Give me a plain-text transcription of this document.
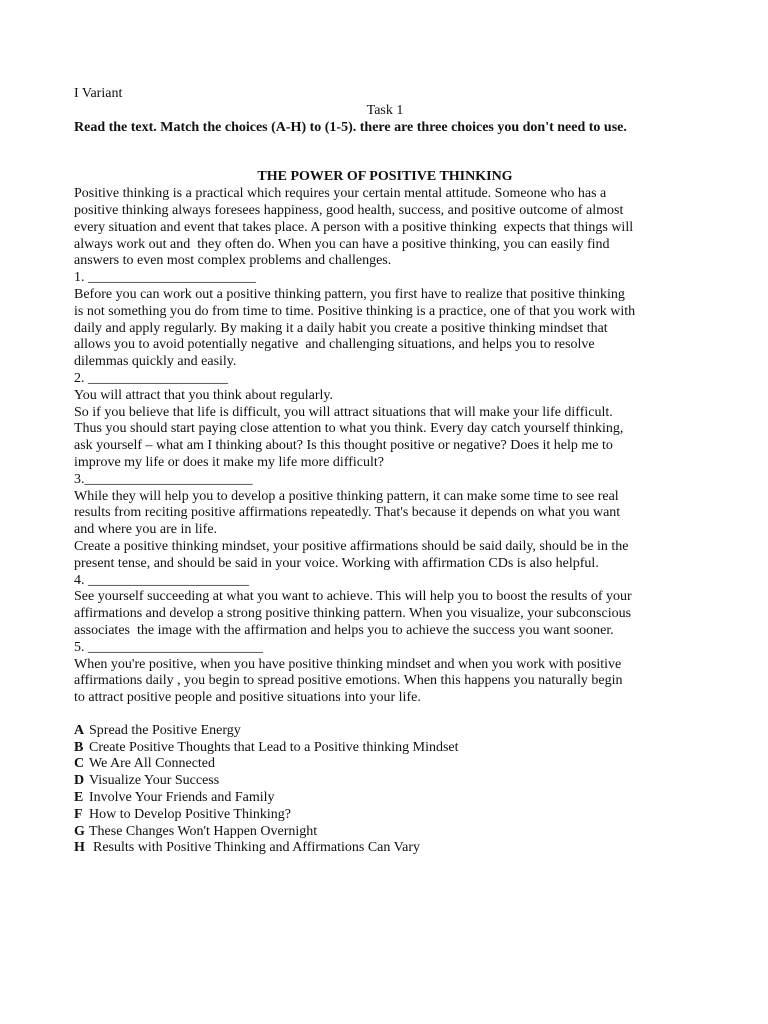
I Variant
Task 1
Read the text. Match the choices (A-H) to (1-5). there are three choices you don't need to use.
THE POWER OF POSITIVE THINKING
Positive thinking is a practical which requires your certain mental attitude. Someone who has a
positive thinking always foresees happiness, good health, success, and positive outcome of almost
every situation and event that takes place. A person with a positive thinking  expects that things will
always work out and  they often do. When you can have a positive thinking, you can easily find
answers to even most complex problems and challenges.
1. ________________________
Before you can work out a positive thinking pattern, you first have to realize that positive thinking
is not something you do from time to time. Positive thinking is a practice, one of that you work with
daily and apply regularly. By making it a daily habit you create a positive thinking mindset that
allows you to avoid potentially negative  and challenging situations, and helps you to resolve
dilemmas quickly and easily.
2. ____________________
You will attract that you think about regularly.
So if you believe that life is difficult, you will attract situations that will make your life difficult.
Thus you should start paying close attention to what you think. Every day catch yourself thinking,
ask yourself – what am I thinking about? Is this thought positive or negative? Does it help me to
improve my life or does it make my life more difficult?
3.________________________
While they will help you to develop a positive thinking pattern, it can make some time to see real
results from reciting positive affirmations repeatedly. That's because it depends on what you want
and where you are in life.
Create a positive thinking mindset, your positive affirmations should be said daily, should be in the
present tense, and should be said in your voice. Working with affirmation CDs is also helpful.
4. _______________________
See yourself succeeding at what you want to achieve. This will help you to boost the results of your
affirmations and develop a strong positive thinking pattern. When you visualize, your subconscious
associates  the image with the affirmation and helps you to achieve the success you want sooner.
5. _________________________
When you're positive, when you have positive thinking mindset and when you work with positive
affirmations daily , you begin to spread positive emotions. When this happens you naturally begin
to attract positive people and positive situations into your life.
A Spread the Positive Energy
B Create Positive Thoughts that Lead to a Positive thinking Mindset
C We Are All Connected
D Visualize Your Success
E Involve Your Friends and Family
F How to Develop Positive Thinking?
G These Changes Won't Happen Overnight
H Results with Positive Thinking and Affirmations Can Vary
